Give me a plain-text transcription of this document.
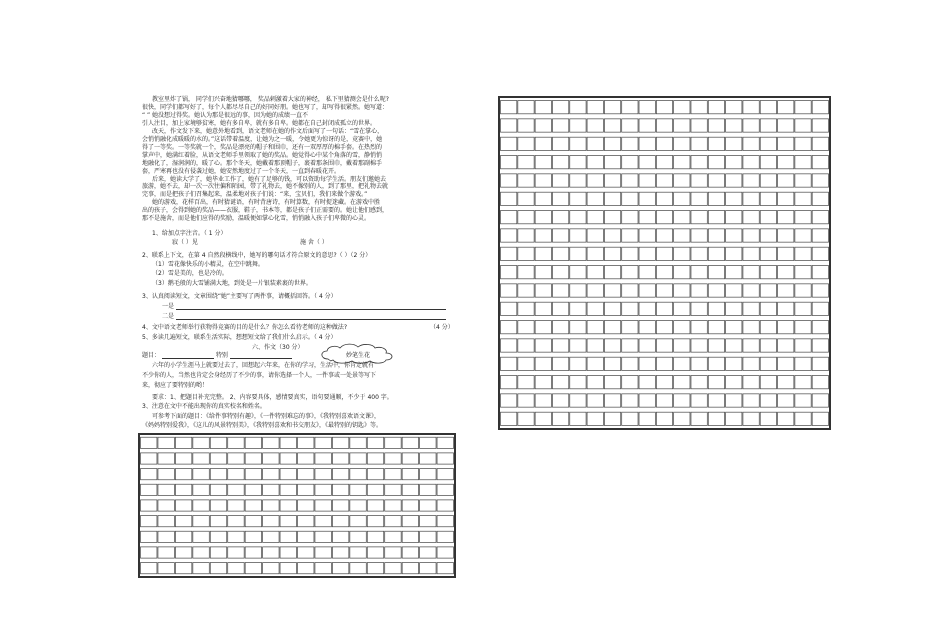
教室里炸了锅， 同学们兴奋地猜哪哪， 奖品刺激着大家的神经， 私下里猜测会是什么呢?
很快，同学们都写好了，每个人都尽尽自己的好同好朋。她也写了，却写得很紧然。她写道：
“ ” 她没想过得奖。她认为那是很远的事，因为她的成绩一直不
引人注目，加上家境够贫寒，她有多自卑，就有多自卑。她都在自己封闭成孤立的世界。
改天，作文发下来，她意外地看到，语文老师在她的作文后面写了一句话：“雪在掌心，
会悄悄融化成暖暖的水的。”这话带着温度，让她为之一暖，令她更为惊讶的是，竟赛中，她
得了一等奖。一等奖就一个，奖品是漂亮的帽子和围巾，还有一双厚厚的棉手套。在热烈的
掌声中，她满红着脸，从语文老师手里领取了她的奖品。她觉得心中某个角落的雪，静悄悄
地融化了，湿润润的，暖了心。那个冬天，她戴着那顶帽子，裹着那条围巾，戴着那副棉手
套，严寒再也没有侵袭过她，她安然地度过了一个冬天，一直到春暖花开。
后来，她读大学了，她毕业工作了，她有了足够的钱，可以资助每学生活。朋友们邀她去
旅游，她不去，却一次一次往偏和陌园，带了礼物去，她不像别的人，到了那里，把礼物去就
完事，而是把孩子们召集起来，温柔地对孩子们说：“来，宝贝们，我们来做个游戏。”
她的游戏，花样百出，有时猜谜语，有时背唐诗，有时算数，有时捉迷藏。在游戏中胜
出的孩子，会得到她的奖品——衣服，鞋子，书本等，都是孩子们正需要的。她让他们感到，
那不是施舍，而是他们应得的奖励，温暖便如掌心化雪，悄悄融入孩子们卑微的心灵。
1、给加点字注音。（ 1 分）
寂（ ）见	施 舍（ ）
2、联系上下文，在第 4 自然段横线中，她写的哪句话才符合原文的意思?（ ）（2 分）
（1）雪花像快乐的小精灵，在空中跳舞。
（2）雪是美的，也是冷的。
（3）鹅毛般的大雪铺满大地，到处是一片银装素裹的世界。
3、认真阅读短文，文章围绕“她”主要写了两件事，请概括回答。（ 4 分）
一是
二是
4、文中语文老师举行获物得竞赛的目的是什么？你怎么看待老师的这种做法?	（4 分）
5、多读几遍短文，联系生活实际，想想短文给了我们什么启示。（ 4 分）
六、作文（30 分）
妙笔生花
题目：	特别
六年的小学生涯马上就要过去了，回想起六年来，在你的学习，生活中，你肯定就有
不少你的人，当然也肯定会身经历了不少的事，请你选择一个人，一件事或一处景等写下
来，彻应了要特别的哟！
要求：1、把题目补充完整。 2、内容要具体，感情要真实，语句要通顺，不少于 400 字。
3、注意在文中不能出现你的真实校名和姓名。
可参考下面的题目：《给件事特别有趣》，《一件特别难忘的事》，《我特别喜欢语文课》，
《妈妈特别爱我》，《这儿的风景特别美》，《我特别喜欢和书交朋友》，《最特别的钥匙》等。
